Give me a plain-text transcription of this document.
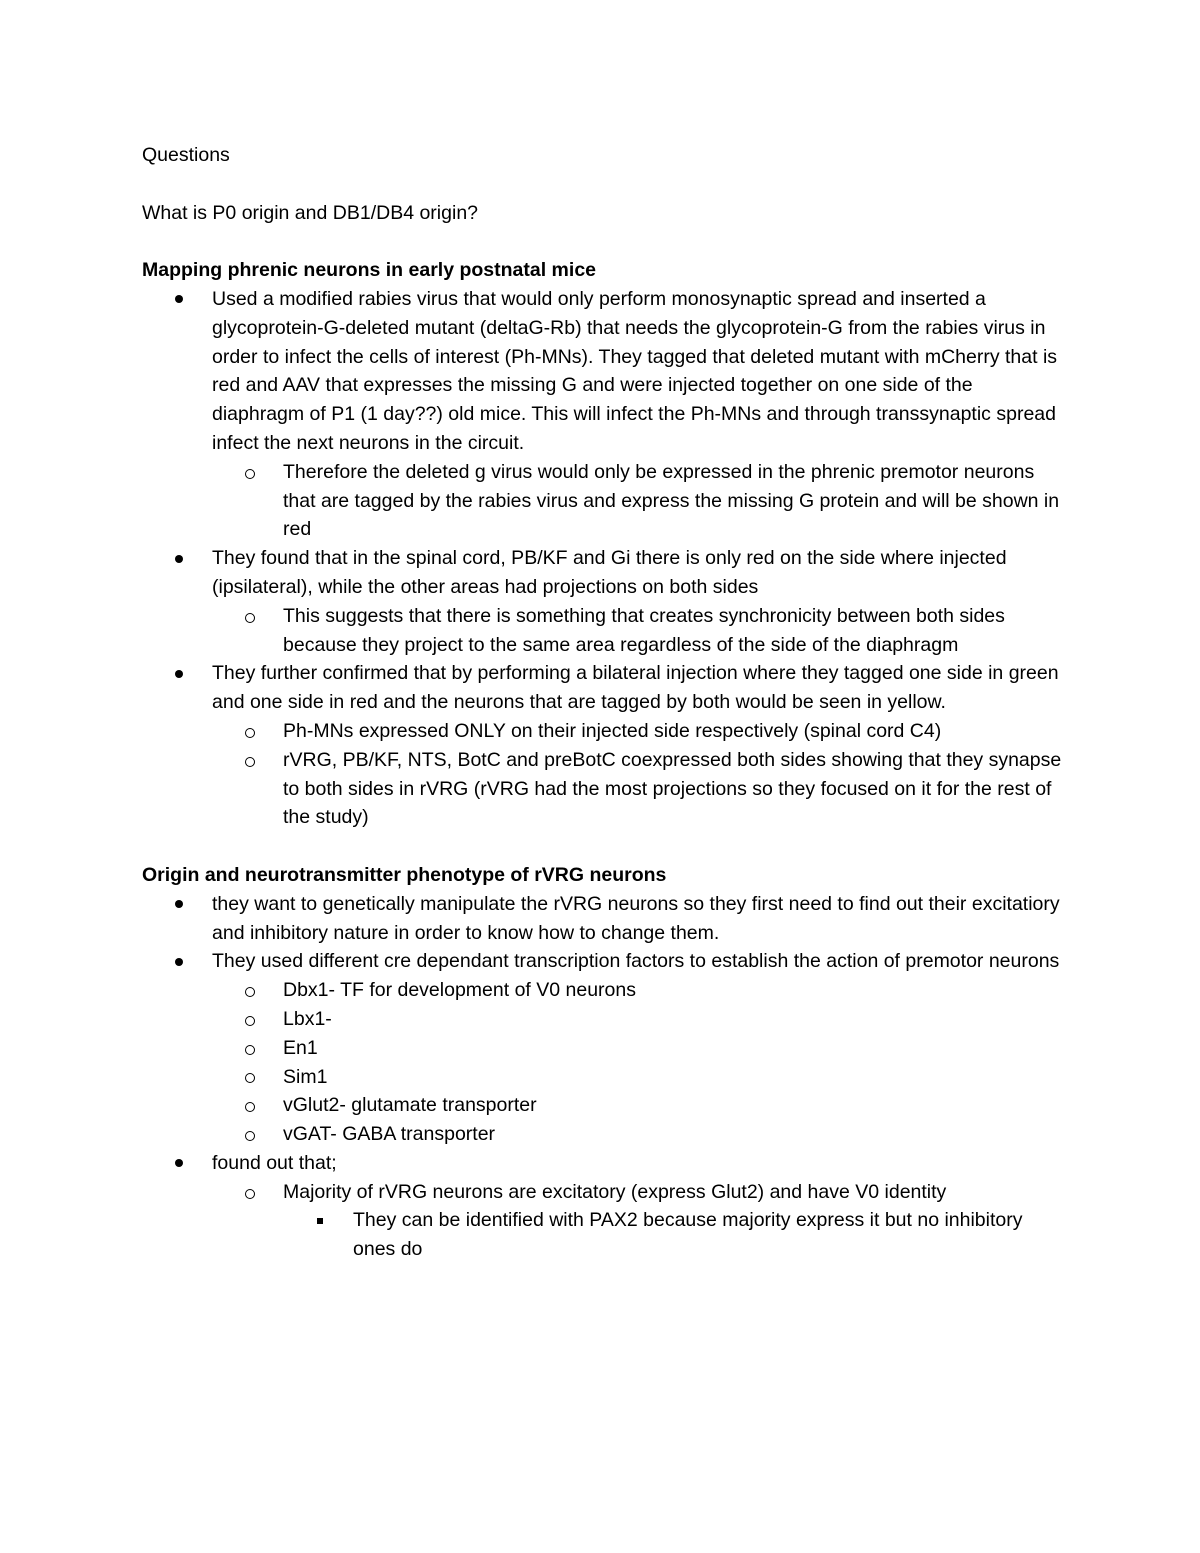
Questions

What is P0 origin and DB1/DB4 origin?

Mapping phrenic neurons in early postnatal mice

Used a modified rabies virus that would only perform monosynaptic spread and inserted a glycoprotein-G-deleted mutant (deltaG-Rb) that needs the glycoprotein-G from the rabies virus in order to infect the cells of interest (Ph-MNs). They tagged that deleted mutant with mCherry that is red and AAV that expresses the missing G and were injected together on one side of the diaphragm of P1 (1 day??) old mice. This will infect the Ph-MNs and through transsynaptic spread infect the next neurons in the circuit.
Therefore the deleted g virus would only be expressed in the phrenic premotor neurons that are tagged by the rabies virus and express the missing G protein and will be shown in red
They found that in the spinal cord, PB/KF and Gi there is only red on the side where injected (ipsilateral), while the other areas had projections on both sides
This suggests that there is something that creates synchronicity between both sides because they project to the same area regardless of the side of the diaphragm
They further confirmed that by performing a bilateral injection where they tagged one side in green and one side in red and the neurons that are tagged by both would be seen in yellow.
Ph-MNs expressed ONLY on their injected side respectively (spinal cord C4)
rVRG, PB/KF, NTS, BotC and preBotC coexpressed both sides showing that they synapse to both sides in rVRG (rVRG had the most projections so they focused on it for the rest of the study)

Origin and neurotransmitter phenotype of rVRG neurons

they want to genetically manipulate the rVRG neurons so they first need to find out their excitatiory and inhibitory nature in order to know how to change them.
They used different cre dependant transcription factors to establish the action of premotor neurons
Dbx1- TF for development of V0 neurons
Lbx1-
En1
Sim1
vGlut2- glutamate transporter
vGAT- GABA transporter
found out that;
Majority of rVRG neurons are excitatory (express Glut2) and have V0 identity
They can be identified with PAX2 because majority express it but no inhibitory ones do
